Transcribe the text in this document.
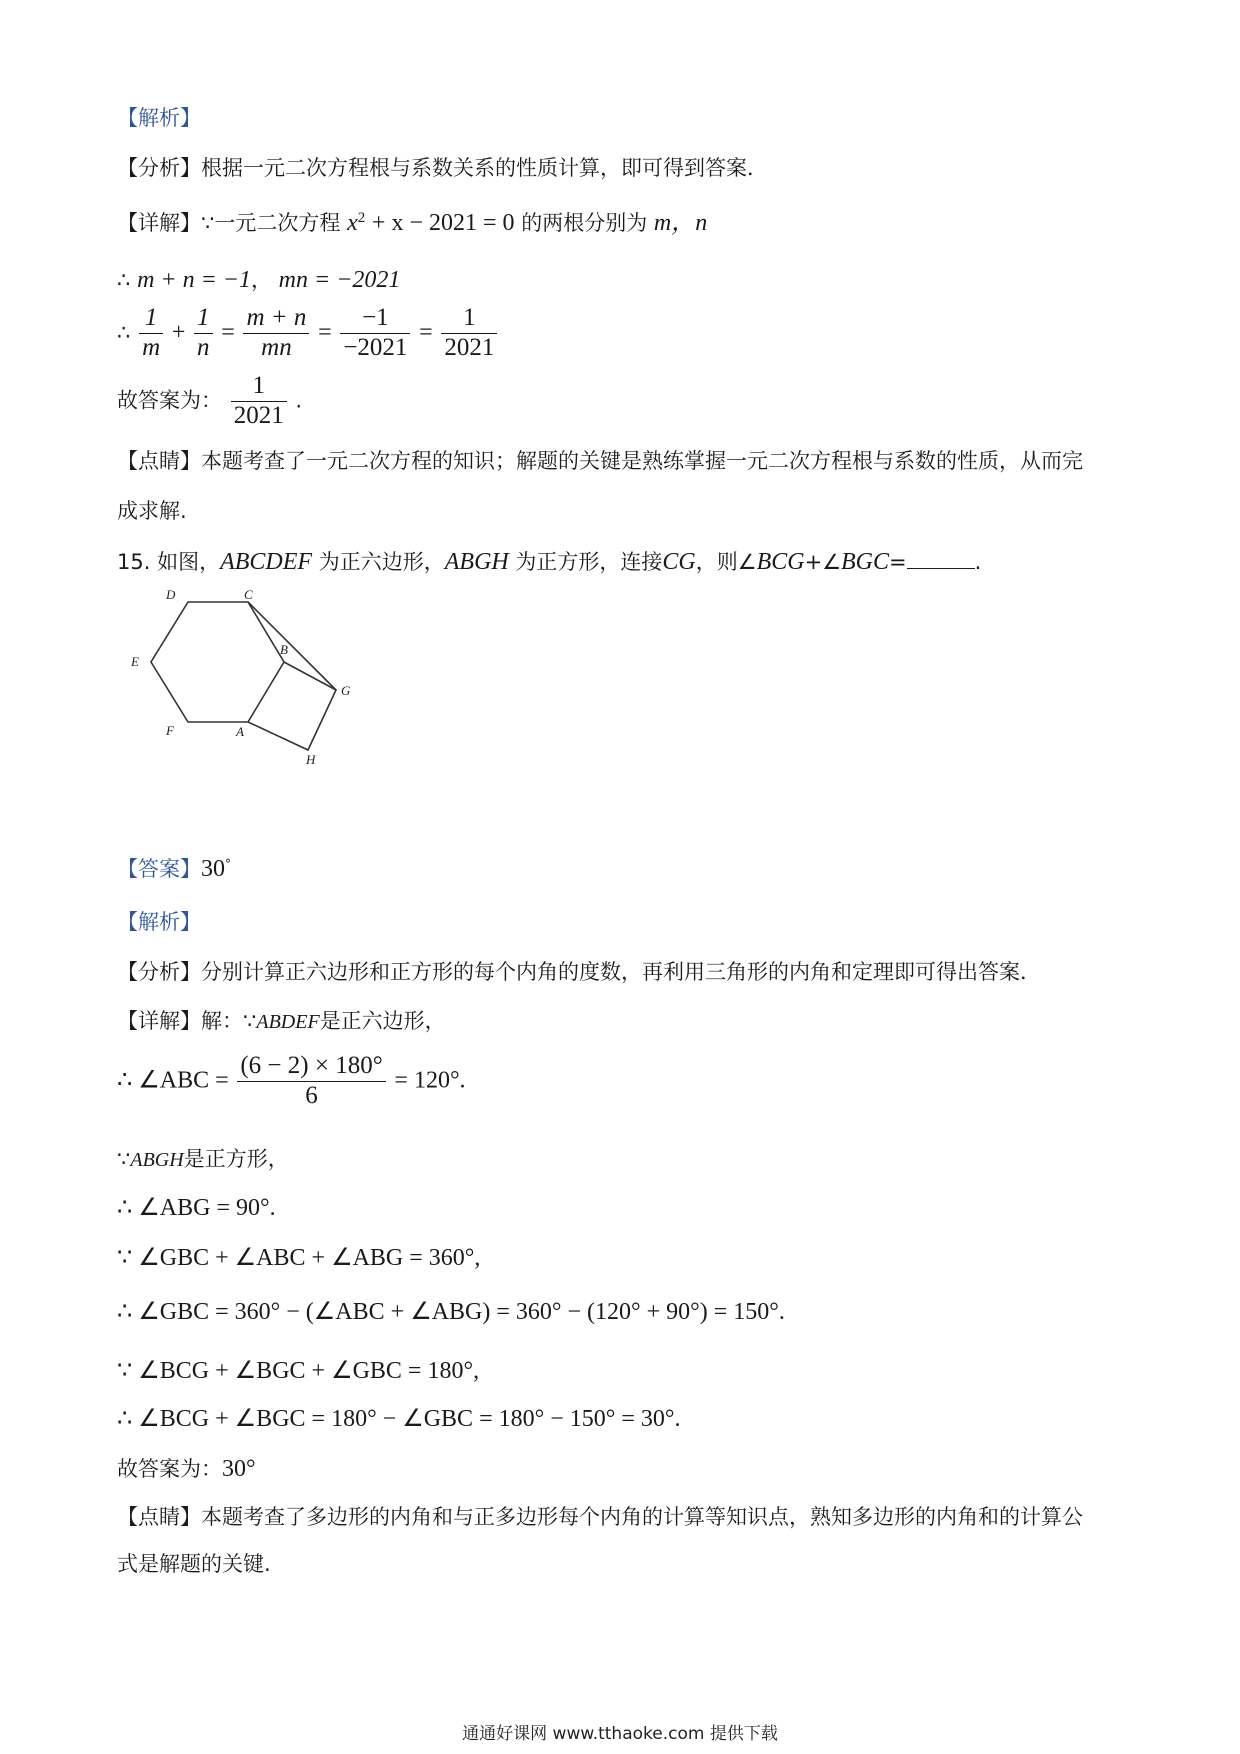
【解析】
【分析】根据一元二次方程根与系数关系的性质计算，即可得到答案．
【详解】∵一元二次方程 $x^2 + x - 2021 = 0$ 的两根分别为 m，n
∴ m + n = −1， mn = −2021
∴ $\frac{1}{m} + \frac{1}{n} = \frac{m + n}{mn} = \frac{-1}{-2021} = \frac{1}{2021}$
故答案为： $\frac{1}{2021}$ .
【点睛】本题考查了一元二次方程的知识；解题的关键是熟练掌握一元二次方程根与系数的性质，从而完
成求解.
15. 如图，ABCDEF 为正六边形，ABGH 为正方形，连接CG，则∠BCG+∠BGC=	.
D	C
E
B
G
F	A
H
【答案】30°
【解析】
【分析】分别计算正六边形和正方形的每个内角的度数，再利用三角形的内角和定理即可得出答案．
【详解】解：∵ABDEF是正六边形，
∴ ∠ABC = $\frac{(6 - 2) \times 180^\circ}{6} = 120^\circ$.
∵ABGH是正方形，
∴ ∠ABG = 90°.
∵ ∠GBC + ∠ABC + ∠ABG = 360°,
∴ ∠GBC = 360° − (∠ABC + ∠ABG) = 360° − (120° + 90°) = 150°.
∵ ∠BCG + ∠BGC + ∠GBC = 180°,
∴ ∠BCG + ∠BGC = 180° − ∠GBC = 180° − 150° = 30°.
故答案为：30°
【点睛】本题考查了多边形的内角和与正多边形每个内角的计算等知识点，熟知多边形的内角和的计算公
式是解题的关键.
通通好课网 www.tthaoke.com 提供下载
